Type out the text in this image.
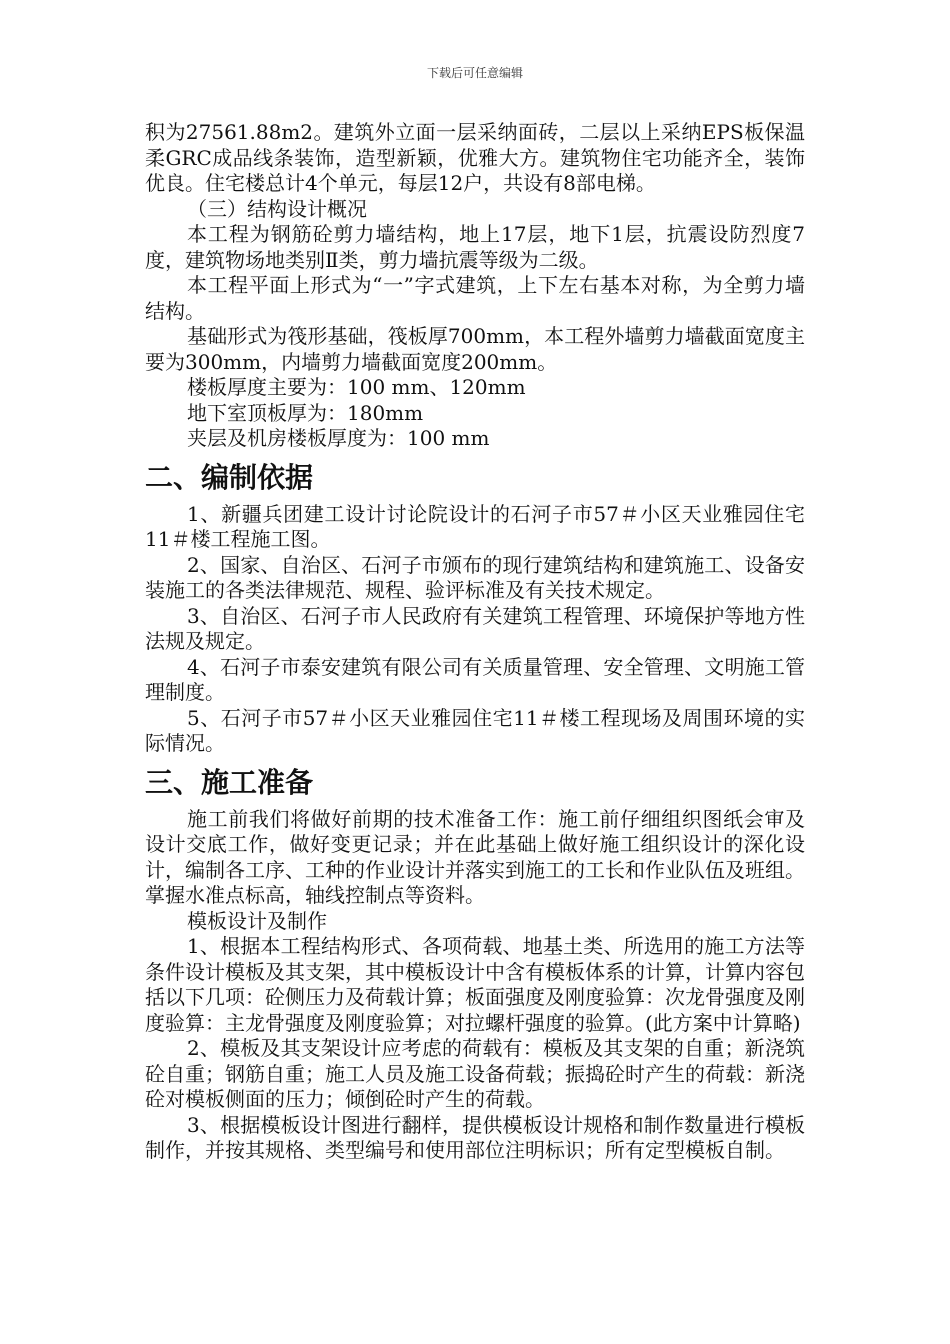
下载后可任意编辑

积为27561.88m2。建筑外立面一层采纳面砖，二层以上采纳EPS板保温柔GRC成品线条装饰，造型新颖，优雅大方。建筑物住宅功能齐全，装饰优良。住宅楼总计4个单元，每层12户，共设有8部电梯。

（三）结构设计概况

本工程为钢筋砼剪力墙结构，地上17层，地下1层，抗震设防烈度7度，建筑物场地类别Ⅱ类，剪力墙抗震等级为二级。

本工程平面上形式为“一”字式建筑，上下左右基本对称，为全剪力墙结构。

基础形式为筏形基础，筏板厚700mm，本工程外墙剪力墙截面宽度主要为300mm，内墙剪力墙截面宽度200mm。

楼板厚度主要为：100 mm、120mm

地下室顶板厚为：180mm

夹层及机房楼板厚度为：100 mm

二、编制依据

1、新疆兵团建工设计讨论院设计的石河子市57＃小区天业雅园住宅11＃楼工程施工图。

2、国家、自治区、石河子市颁布的现行建筑结构和建筑施工、设备安装施工的各类法律规范、规程、验评标准及有关技术规定。

3、自治区、石河子市人民政府有关建筑工程管理、环境保护等地方性法规及规定。

4、石河子市泰安建筑有限公司有关质量管理、安全管理、文明施工管理制度。

5、石河子市57＃小区天业雅园住宅11＃楼工程现场及周围环境的实际情况。

三、施工准备

施工前我们将做好前期的技术准备工作：施工前仔细组织图纸会审及设计交底工作，做好变更记录；并在此基础上做好施工组织设计的深化设计，编制各工序、工种的作业设计并落实到施工的工长和作业队伍及班组。掌握水准点标高，轴线控制点等资料。

模板设计及制作

1、根据本工程结构形式、各项荷载、地基土类、所选用的施工方法等条件设计模板及其支架，其中模板设计中含有模板体系的计算，计算内容包括以下几项：砼侧压力及荷载计算；板面强度及刚度验算：次龙骨强度及刚度验算：主龙骨强度及刚度验算；对拉螺杆强度的验算。(此方案中计算略)

2、模板及其支架设计应考虑的荷载有：模板及其支架的自重；新浇筑砼自重；钢筋自重；施工人员及施工设备荷载；振捣砼时产生的荷载：新浇砼对模板侧面的压力；倾倒砼时产生的荷载。

3、根据模板设计图进行翻样，提供模板设计规格和制作数量进行模板制作，并按其规格、类型编号和使用部位注明标识；所有定型模板自制。
